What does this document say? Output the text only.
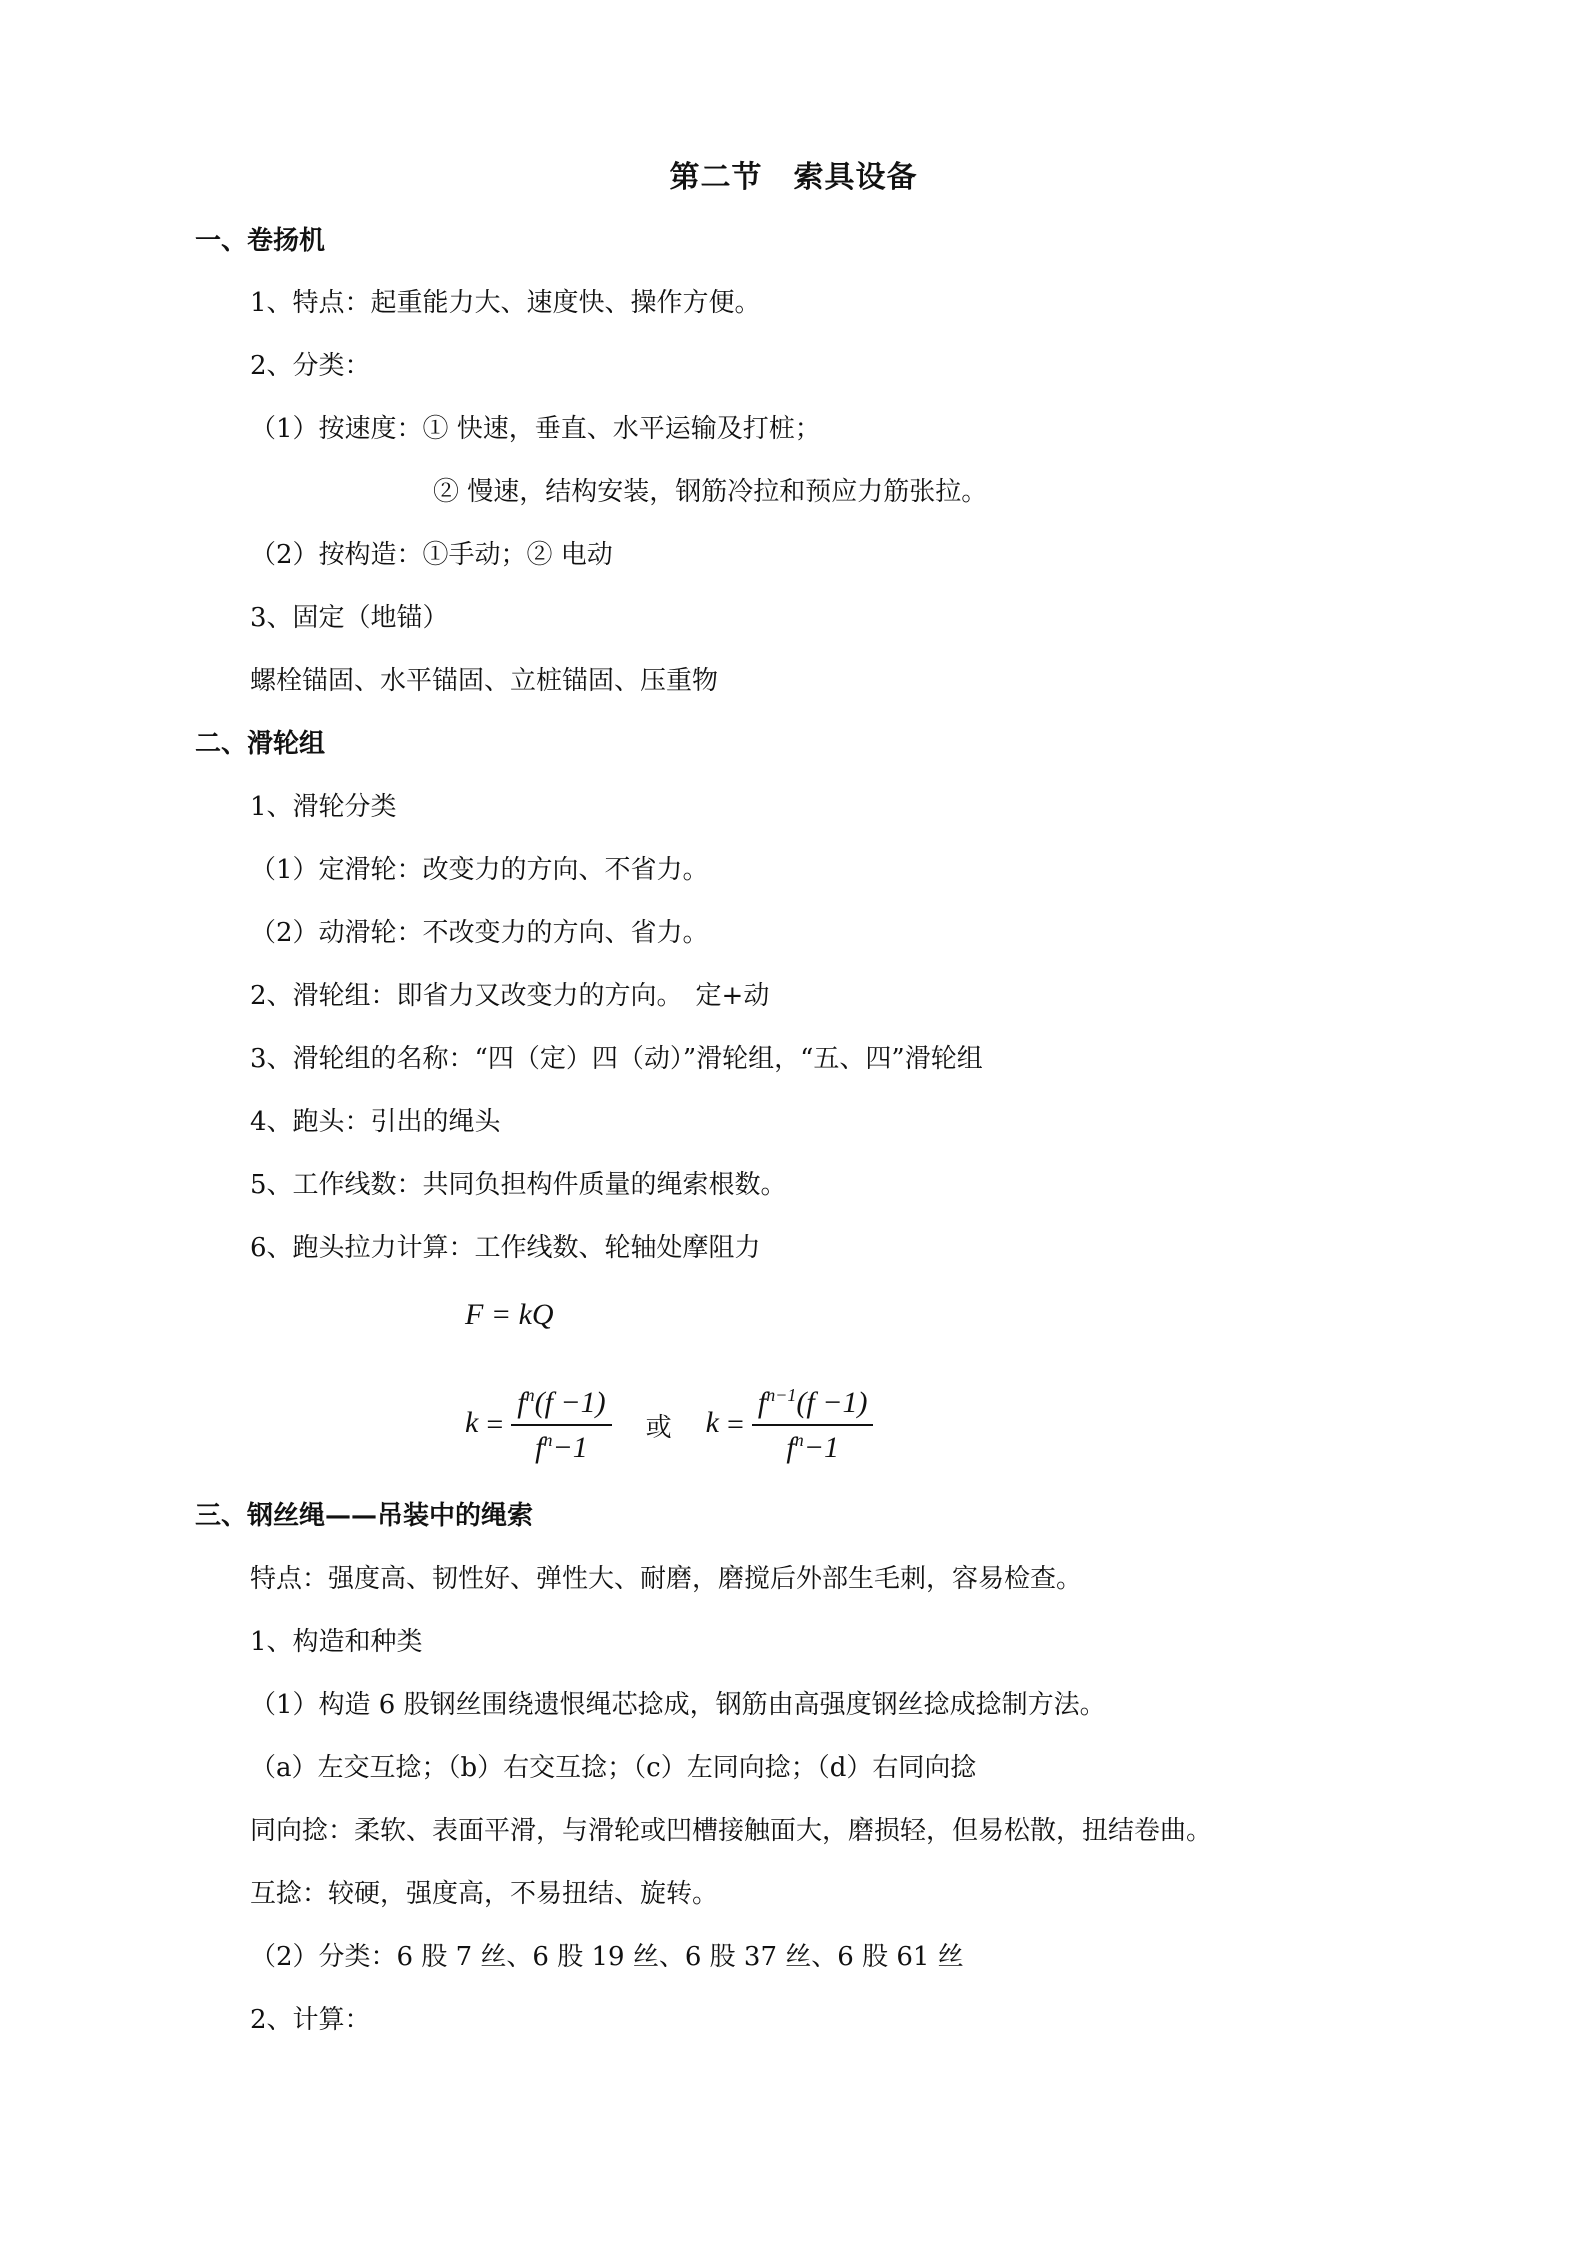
第二节　索具设备
一、卷扬机
1、特点：起重能力大、速度快、操作方便。
2、分类：
（1）按速度：① 快速，垂直、水平运输及打桩；
② 慢速，结构安装，钢筋冷拉和预应力筋张拉。
（2）按构造：①手动；② 电动
3、固定（地锚）
螺栓锚固、水平锚固、立桩锚固、压重物
二、滑轮组
1、滑轮分类
（1）定滑轮：改变力的方向、不省力。
（2）动滑轮：不改变力的方向、省力。
2、滑轮组：即省力又改变力的方向。　定+动
3、滑轮组的名称：“四（定）四（动）”滑轮组，“五、四”滑轮组
4、跑头：引出的绳头
5、工作线数：共同负担构件质量的绳索根数。
6、跑头拉力计算：工作线数、轮轴处摩阻力
F = kQ
$k = \frac{f^n(f -1)}{f^n-1}$ 或 $k = \frac{f^{n-1}(f -1)}{f^n-1}$
三、钢丝绳——吊装中的绳索
特点：强度高、韧性好、弹性大、耐磨，磨搅后外部生毛刺，容易检查。
1、构造和种类
（1）构造 6 股钢丝围绕遗恨绳芯捻成，钢筋由高强度钢丝捻成捻制方法。
（a）左交互捻；（b）右交互捻；（c）左同向捻；（d）右同向捻
同向捻：柔软、表面平滑，与滑轮或凹槽接触面大，磨损轻，但易松散，扭结卷曲。
互捻：较硬，强度高，不易扭结、旋转。
（2）分类：6 股 7 丝、6 股 19 丝、6 股 37 丝、6 股 61 丝
2、计算：
